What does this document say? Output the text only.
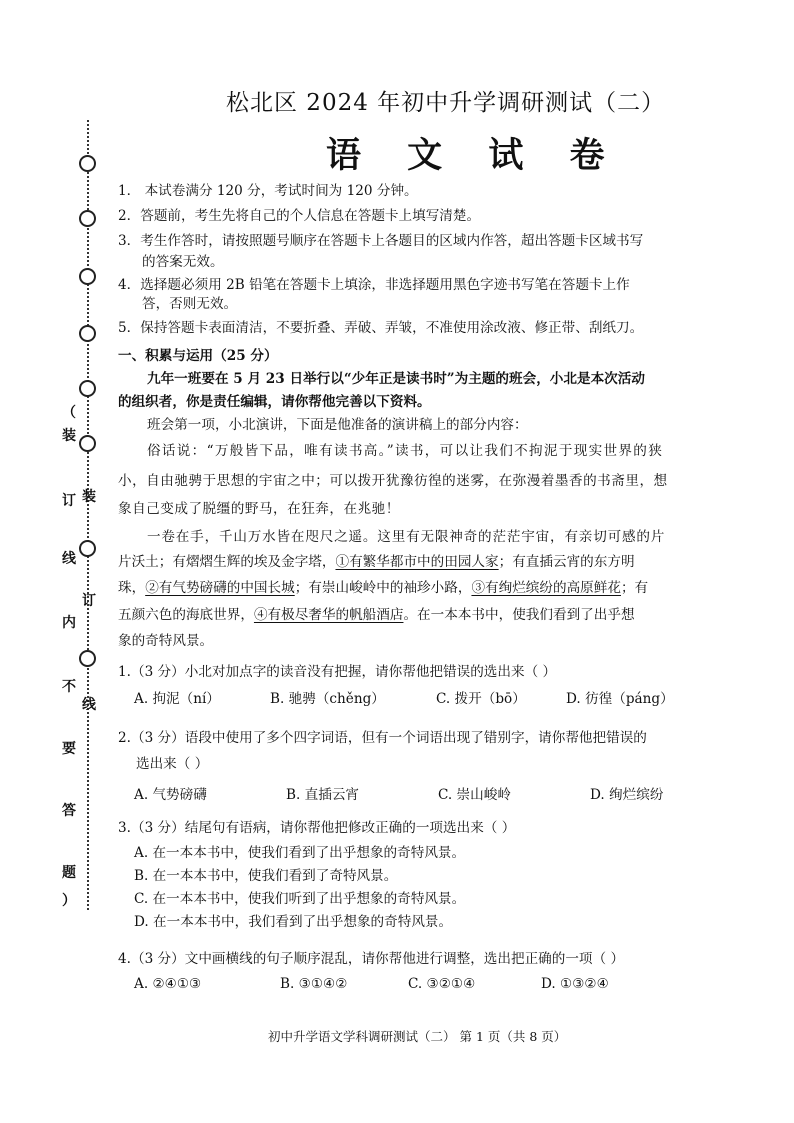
（
装
订
线
内
不
要
答
题
）
装
订
线
松北区 2024 年初中升学调研测试（二）
语 文 试 卷
1． 本试卷满分 120 分，考试时间为 120 分钟。
2．答题前，考生先将自己的个人信息在答题卡上填写清楚。
3．考生作答时，请按照题号顺序在答题卡上各题目的区域内作答，超出答题卡区域书写
的答案无效。
4．选择题必须用 2B 铅笔在答题卡上填涂，非选择题用黑色字迹书写笔在答题卡上作
答，否则无效。
5．保持答题卡表面清洁，不要折叠、弄破、弄皱，不准使用涂改液、修正带、刮纸刀。
一、积累与运用（25 分）
九年一班要在 5 月 23 日举行以“少年正是读书时”为主题的班会，小北是本次活动
的组织者，你是责任编辑，请你帮他完善以下资料。
班会第一项，小北演讲，下面是他准备的演讲稿上的部分内容：
俗话说：“万般皆下品，唯有读书高。”读书，可以让我们不拘泥于现实世界的狭
小，自由驰骋于思想的宇宙之中；可以拨开犹豫彷徨的迷雾，在弥漫着墨香的书斋里，想
象自己变成了脱缰的野马，在狂奔，在兆驰！
一卷在手，千山万水皆在咫尺之遥。这里有无限神奇的茫茫宇宙，有亲切可感的片
片沃土；有熠熠生辉的埃及金字塔，①有繁华都市中的田园人家；有直插云宵的东方明
珠，②有气势磅礴的中国长城；有崇山峻岭中的袖珍小路，③有绚烂缤纷的高原鲜花；有
五颜六色的海底世界，④有极尽奢华的帆船酒店。在一本本书中，使我们看到了出乎想
象的奇特风景。
1.（3 分）小北对加点字的读音没有把握，请你帮他把错误的选出来（ ）
A. 拘泥（ní）	B. 驰骋（chěng）	C. 拨开（bō）	D. 彷徨（páng）
2.（3 分）语段中使用了多个四字词语，但有一个词语出现了错别字，请你帮他把错误的
选出来（ ）
A. 气势磅礴	B. 直插云宵	C. 崇山峻岭	D. 绚烂缤纷
3.（3 分）结尾句有语病，请你帮他把修改正确的一项选出来（ ）
A. 在一本本书中，使我们看到了出乎想象的奇特风景。
B. 在一本本书中，使我们看到了奇特风景。
C. 在一本本书中，使我们听到了出乎想象的奇特风景。
D. 在一本本书中，我们看到了出乎想象的奇特风景。
4.（3 分）文中画横线的句子顺序混乱，请你帮他进行调整，选出把正确的一项（ ）
A. ②④①③	B. ③①④②	C. ③②①④	D. ①③②④
初中升学语文学科调研测试（二） 第 1 页（共 8 页）
